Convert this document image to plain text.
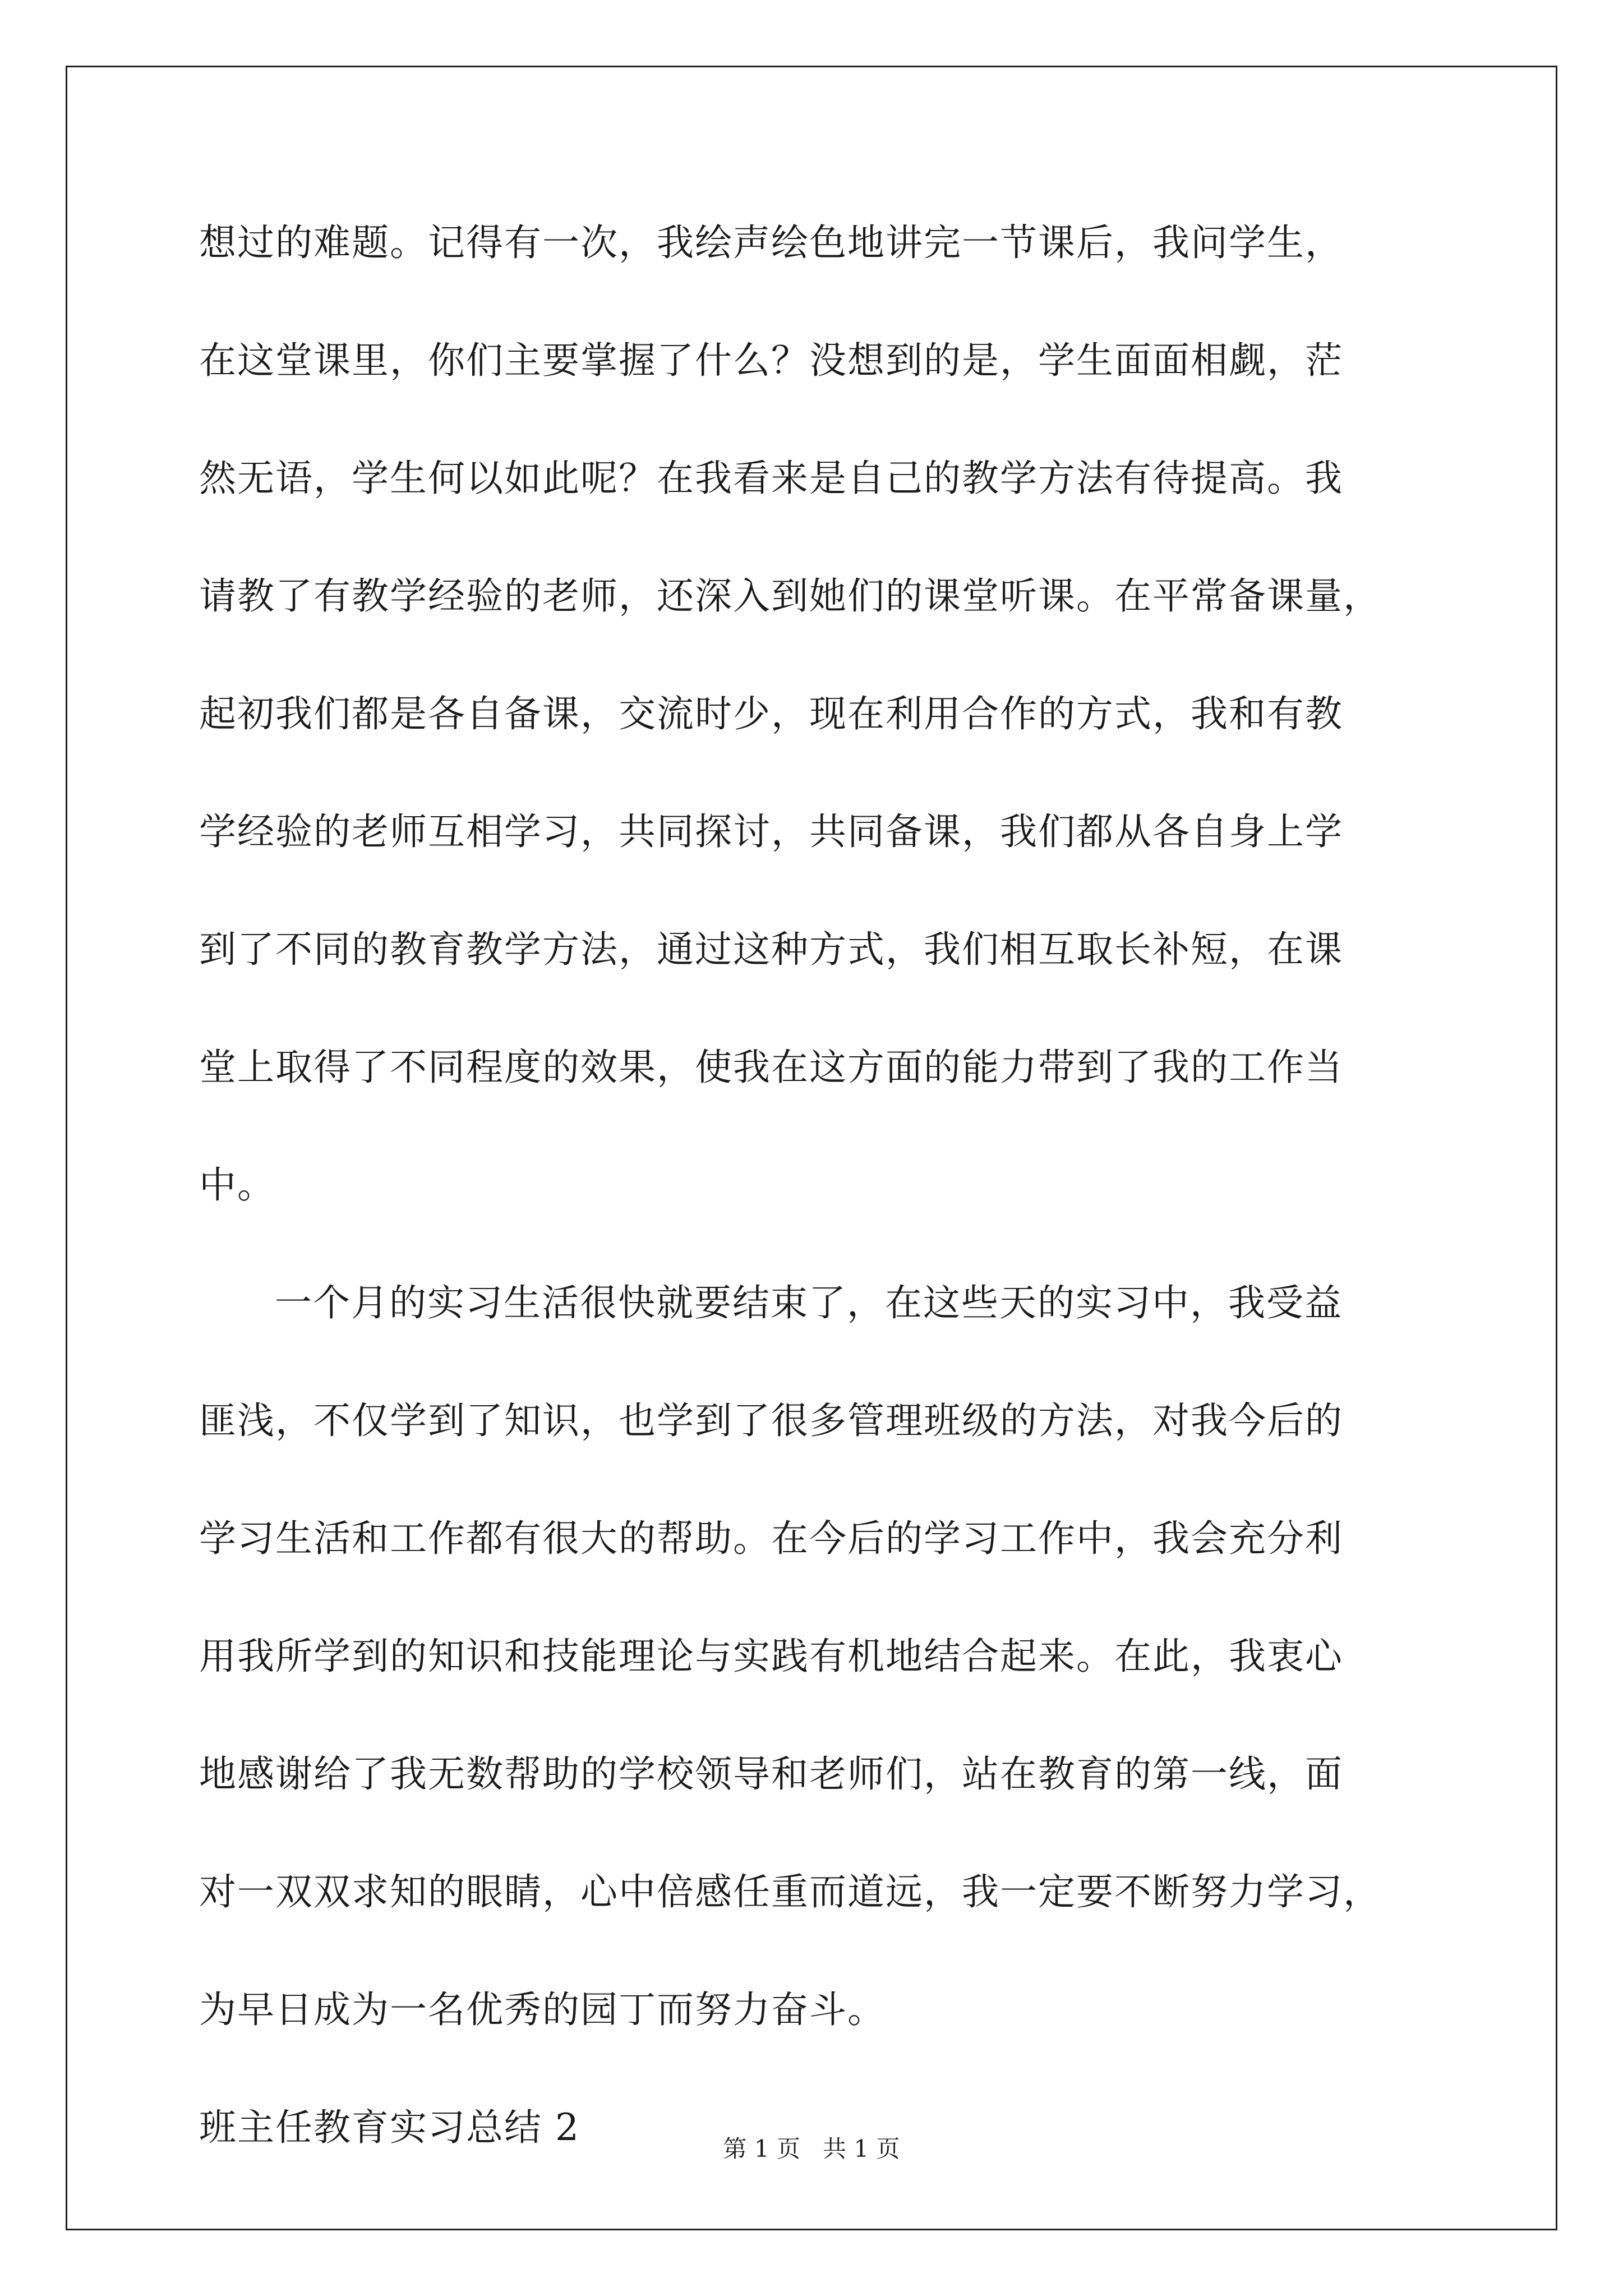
想过的难题。记得有一次，我绘声绘色地讲完一节课后，我问学生，
在这堂课里，你们主要掌握了什么？没想到的是，学生面面相觑，茫
然无语，学生何以如此呢？在我看来是自己的教学方法有待提高。我
请教了有教学经验的老师，还深入到她们的课堂听课。在平常备课量，
起初我们都是各自备课，交流时少，现在利用合作的方式，我和有教
学经验的老师互相学习，共同探讨，共同备课，我们都从各自身上学
到了不同的教育教学方法，通过这种方式，我们相互取长补短，在课
堂上取得了不同程度的效果，使我在这方面的能力带到了我的工作当
中。
一个月的实习生活很快就要结束了，在这些天的实习中，我受益
匪浅，不仅学到了知识，也学到了很多管理班级的方法，对我今后的
学习生活和工作都有很大的帮助。在今后的学习工作中，我会充分利
用我所学到的知识和技能理论与实践有机地结合起来。在此，我衷心
地感谢给了我无数帮助的学校领导和老师们，站在教育的第一线，面
对一双双求知的眼睛，心中倍感任重而道远，我一定要不断努力学习，
为早日成为一名优秀的园丁而努力奋斗。
班主任教育实习总结 2	第 1 页   共 1 页
